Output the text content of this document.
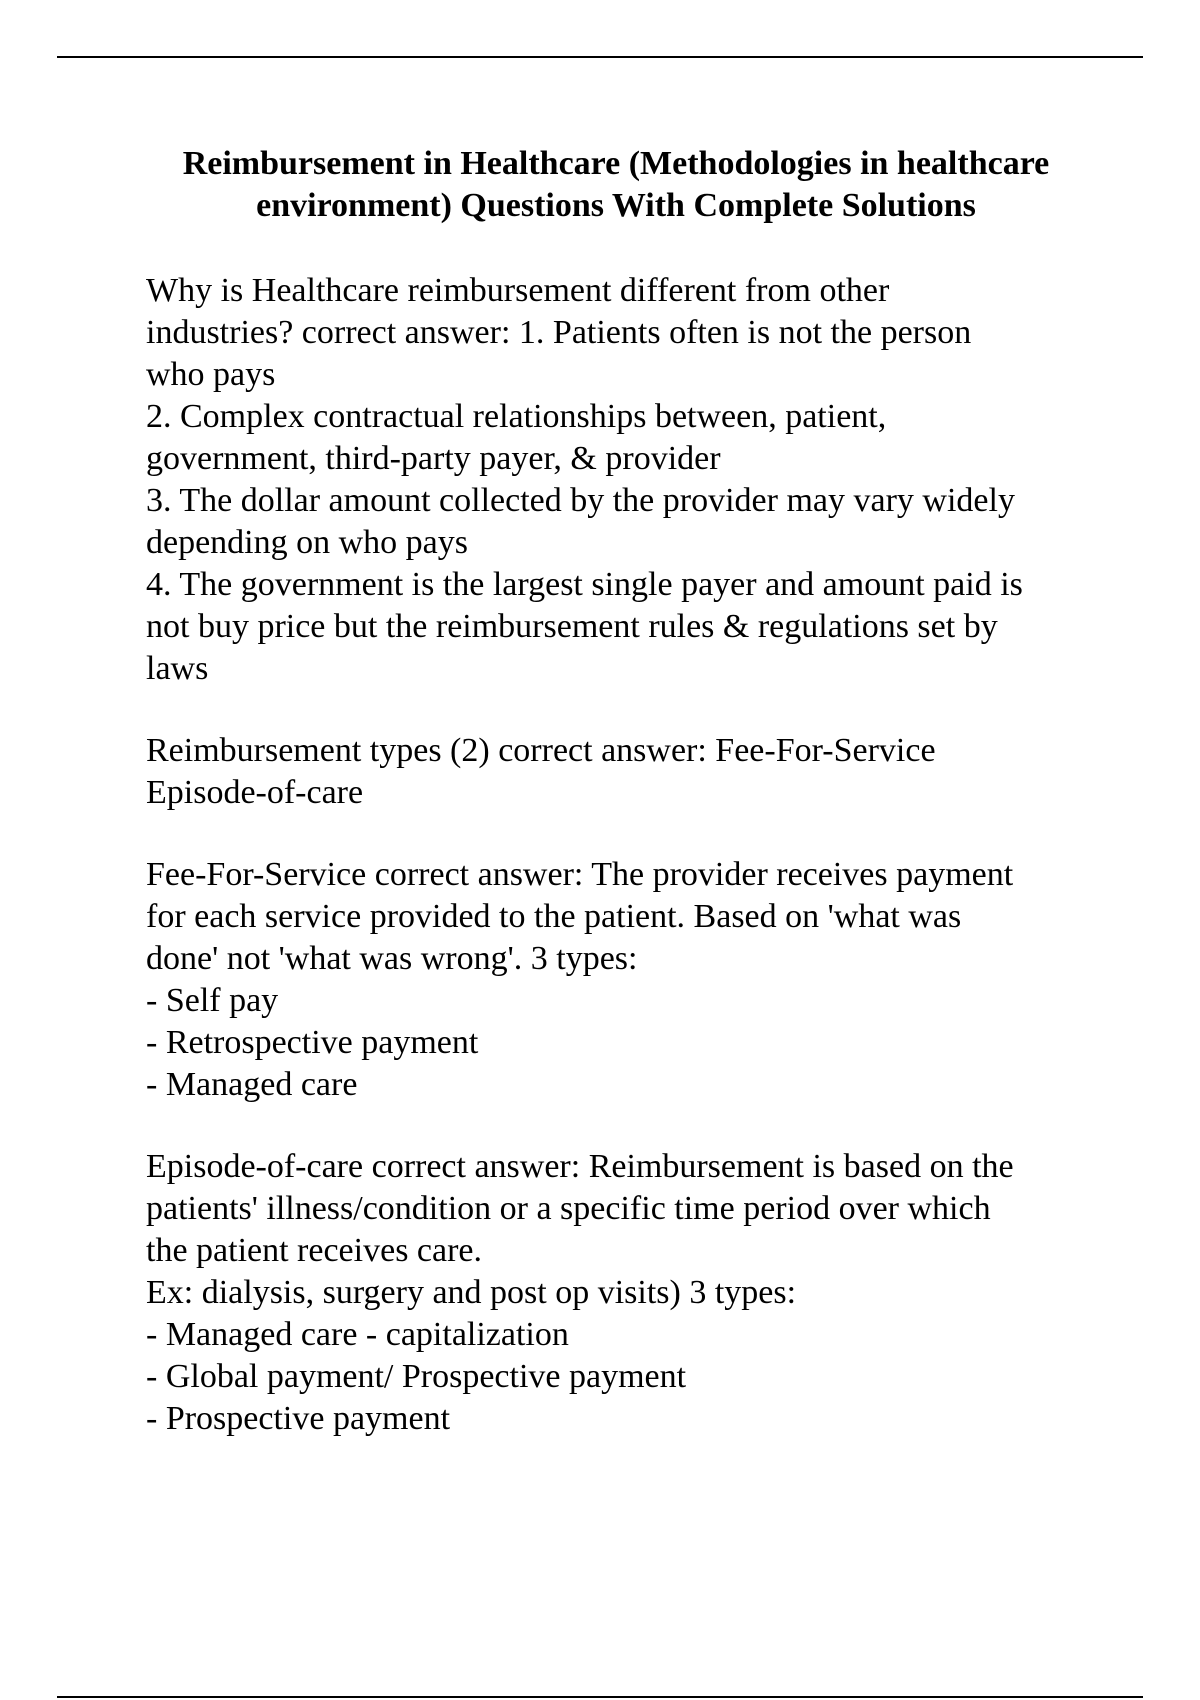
Reimbursement in Healthcare (Methodologies in healthcare
environment) Questions With Complete Solutions
Why is Healthcare reimbursement different from other
industries? correct answer: 1. Patients often is not the person
who pays
2. Complex contractual relationships between, patient,
government, third-party payer, & provider
3. The dollar amount collected by the provider may vary widely
depending on who pays
4. The government is the largest single payer and amount paid is
not buy price but the reimbursement rules & regulations set by
laws
Reimbursement types (2) correct answer: Fee-For-Service
Episode-of-care
Fee-For-Service correct answer: The provider receives payment
for each service provided to the patient. Based on 'what was
done' not 'what was wrong'. 3 types:
- Self pay
- Retrospective payment
- Managed care
Episode-of-care correct answer: Reimbursement is based on the
patients' illness/condition or a specific time period over which
the patient receives care.
Ex: dialysis, surgery and post op visits) 3 types:
- Managed care - capitalization
- Global payment/ Prospective payment
- Prospective payment
